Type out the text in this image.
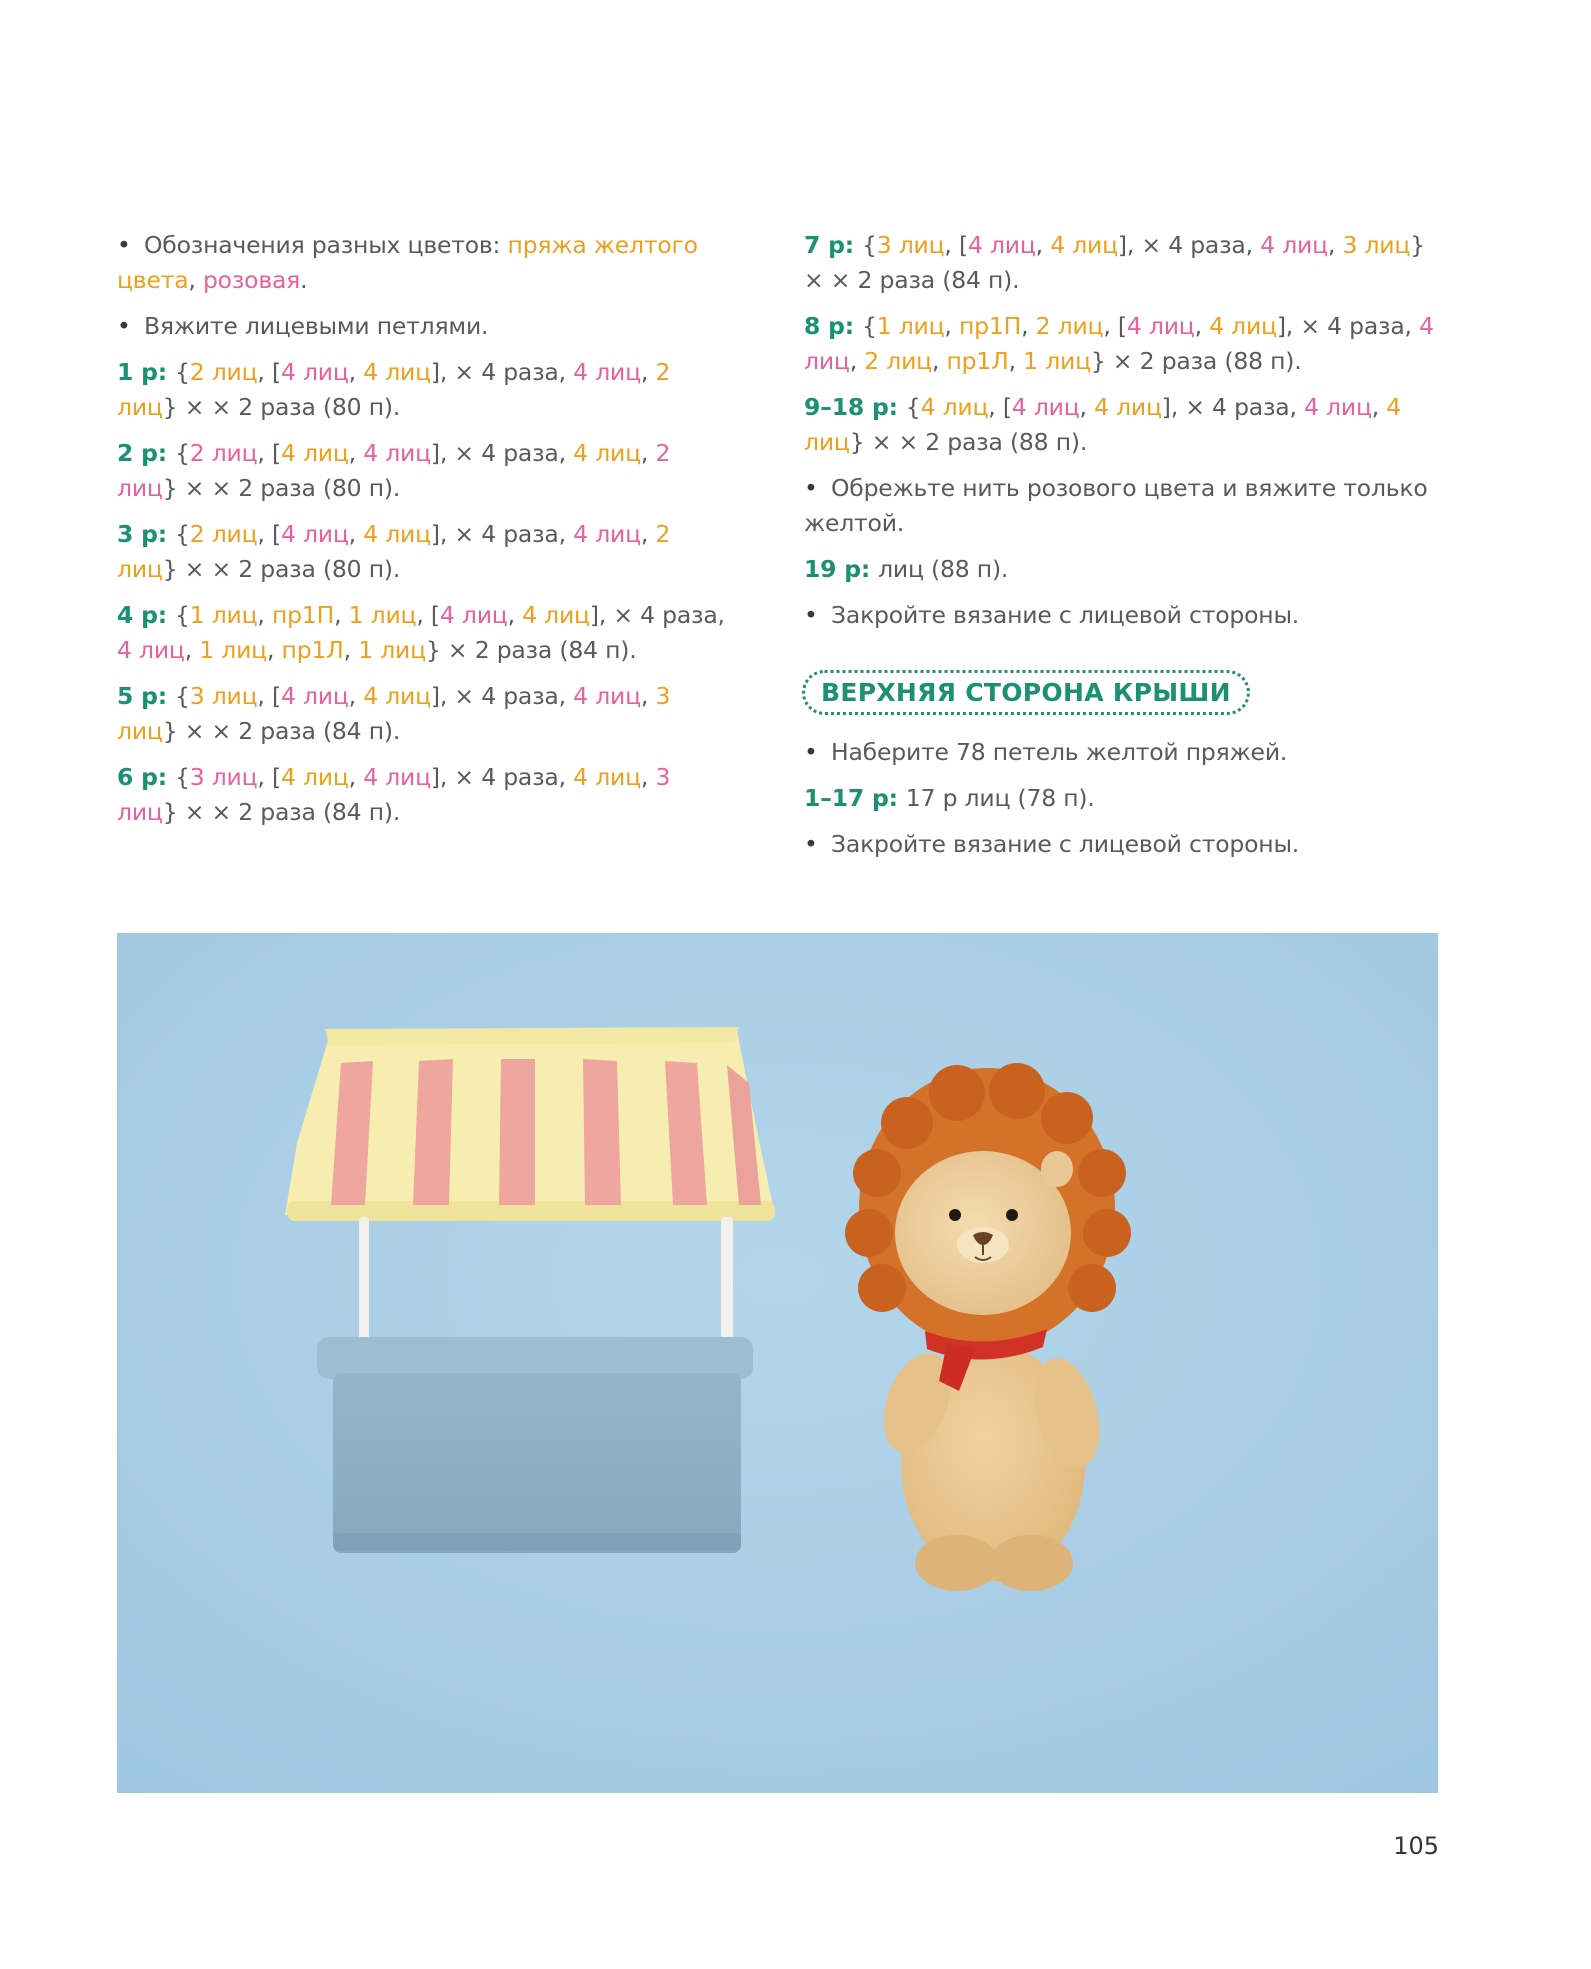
• Обозначения разных цветов: пряжа желтого цвета, розовая.

• Вяжите лицевыми петлями.

1 р: {2 лиц, [4 лиц, 4 лиц], × 4 раза, 4 лиц, 2 лиц} × × 2 раза (80 п).

2 р: {2 лиц, [4 лиц, 4 лиц], × 4 раза, 4 лиц, 2 лиц} × × 2 раза (80 п).

3 р: {2 лиц, [4 лиц, 4 лиц], × 4 раза, 4 лиц, 2 лиц} × × 2 раза (80 п).

4 р: {1 лиц, пр1П, 1 лиц, [4 лиц, 4 лиц], × 4 раза, 4 лиц, 1 лиц, пр1Л, 1 лиц} × 2 раза (84 п).

5 р: {3 лиц, [4 лиц, 4 лиц], × 4 раза, 4 лиц, 3 лиц} × × 2 раза (84 п).

6 р: {3 лиц, [4 лиц, 4 лиц], × 4 раза, 4 лиц, 3 лиц} × × 2 раза (84 п).

7 р: {3 лиц, [4 лиц, 4 лиц], × 4 раза, 4 лиц, 3 лиц} × × 2 раза (84 п).

8 р: {1 лиц, пр1П, 2 лиц, [4 лиц, 4 лиц], × 4 раза, 4 лиц, 2 лиц, пр1Л, 1 лиц} × 2 раза (88 п).

9–18 р: {4 лиц, [4 лиц, 4 лиц], × 4 раза, 4 лиц, 4 лиц} × × 2 раза (88 п).

• Обрежьте нить розового цвета и вяжите только желтой.

19 р: лиц (88 п).

• Закройте вязание с лицевой стороны.

ВЕРХНЯЯ СТОРОНА КРЫШИ

• Наберите 78 петель желтой пряжей.

1–17 р: 17 р лиц (78 п).

• Закройте вязание с лицевой стороны.

105
